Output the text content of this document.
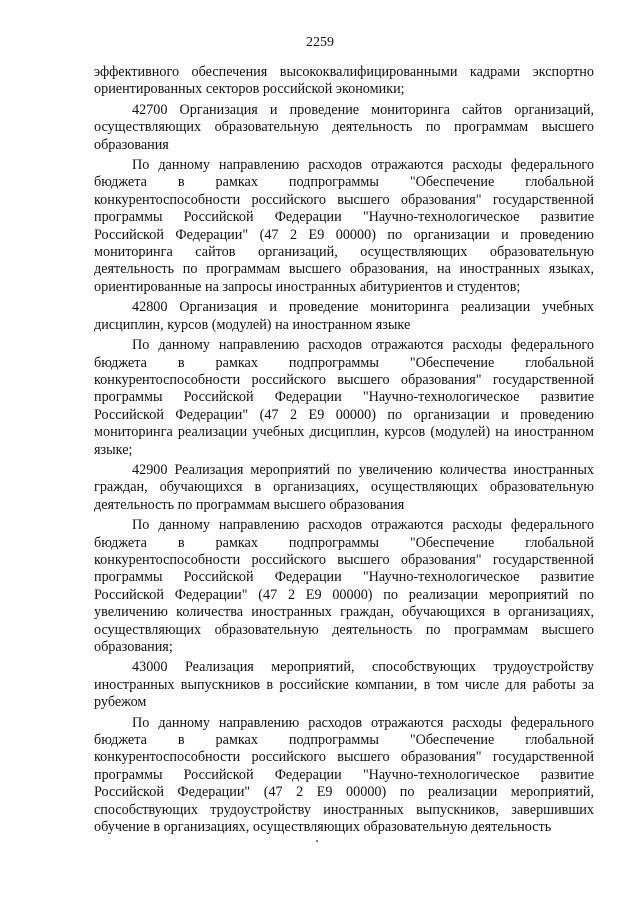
2259

эффективного обеспечения высококвалифицированными кадрами экспортно ориентированных секторов российской экономики;

42700 Организация и проведение мониторинга сайтов организаций, осуществляющих образовательную деятельность по программам высшего образования

По данному направлению расходов отражаются расходы федерального бюджета в рамках подпрограммы "Обеспечение глобальной конкурентоспособности российского высшего образования" государственной программы Российской Федерации "Научно-технологическое развитие Российской Федерации" (47 2 Е9 00000) по организации и проведению мониторинга сайтов организаций, осуществляющих образовательную деятельность по программам высшего образования, на иностранных языках, ориентированные на запросы иностранных абитуриентов и студентов;

42800 Организация и проведение мониторинга реализации учебных дисциплин, курсов (модулей) на иностранном языке

По данному направлению расходов отражаются расходы федерального бюджета в рамках подпрограммы "Обеспечение глобальной конкурентоспособности российского высшего образования" государственной программы Российской Федерации "Научно-технологическое развитие Российской Федерации" (47 2 Е9 00000) по организации и проведению мониторинга реализации учебных дисциплин, курсов (модулей) на иностранном языке;

42900 Реализация мероприятий по увеличению количества иностранных граждан, обучающихся в организациях, осуществляющих образовательную деятельность по программам высшего образования

По данному направлению расходов отражаются расходы федерального бюджета в рамках подпрограммы "Обеспечение глобальной конкурентоспособности российского высшего образования" государственной программы Российской Федерации "Научно-технологическое развитие Российской Федерации" (47 2 Е9 00000) по реализации мероприятий по увеличению количества иностранных граждан, обучающихся в организациях, осуществляющих образовательную деятельность по программам высшего образования;

43000 Реализация мероприятий, способствующих трудоустройству иностранных выпускников в российские компании, в том числе для работы за рубежом

По данному направлению расходов отражаются расходы федерального бюджета в рамках подпрограммы "Обеспечение глобальной конкурентоспособности российского высшего образования" государственной программы Российской Федерации "Научно-технологическое развитие Российской Федерации" (47 2 Е9 00000) по реализации мероприятий, способствующих трудоустройству иностранных выпускников, завершивших обучение в организациях, осуществляющих образовательную деятельность
